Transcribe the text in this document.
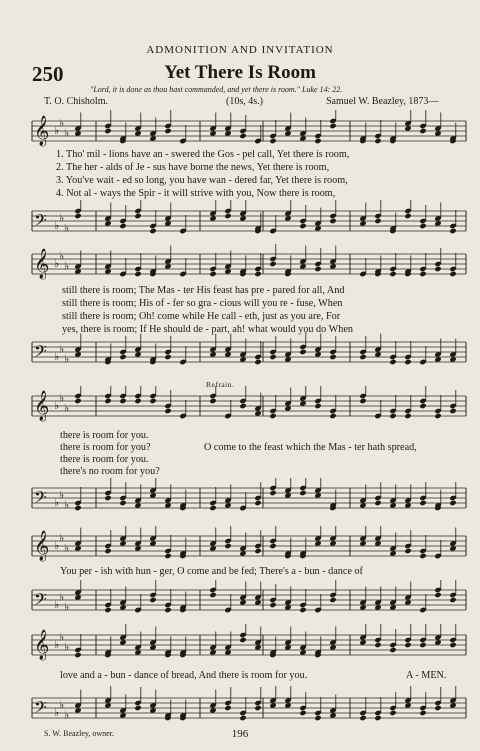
ADMONITION AND INVITATION
250	Yet There Is Room
"Lord, it is done as thou hast commanded, and yet there is room." Luke 14: 22.
T. O. Chisholm.	(10s, 4s.)	Samuel W. Beazley, 1873—
𝄞 ♭
♭
♭
1. Tho' mil - lions have an - swered the Gos - pel call, Yet there is room,
2. The her - alds of Je - sus have borne the news, Yet there is room,
3. You've wait - ed so long, you have wan - dered far, Yet there is room,
4. Not al - ways the Spir - it will strive with you, Now there is room,
𝄢 ♭
♭
♭
𝄞 ♭
♭
♭
still there is room; The Mas - ter His feast has pre - pared for all, And
still there is room; His of - fer so gra - cious will you re - fuse, When
still there is room; Oh! come while He call - eth, just as you are, For
yes, there is room; If He should de - part, ah! what would you do When
𝄢 ♭
♭
♭
Refrain.
𝄞 ♭
♭
♭
there is room for you.
there is room for you?
there is room for you.
there's no room for you?
O come to the feast which the Mas - ter hath spread,
𝄢 ♭
♭
♭
𝄞 ♭
♭
♭
You per - ish with hun - ger, O come and be fed; There's a - bun - dance of
𝄢 ♭
♭
♭
𝄞 ♭
♭
♭
love and a - bun - dance of bread, And there is room for you.	A - MEN.
𝄢 ♭
♭
♭
S. W. Beazley, owner.	196
